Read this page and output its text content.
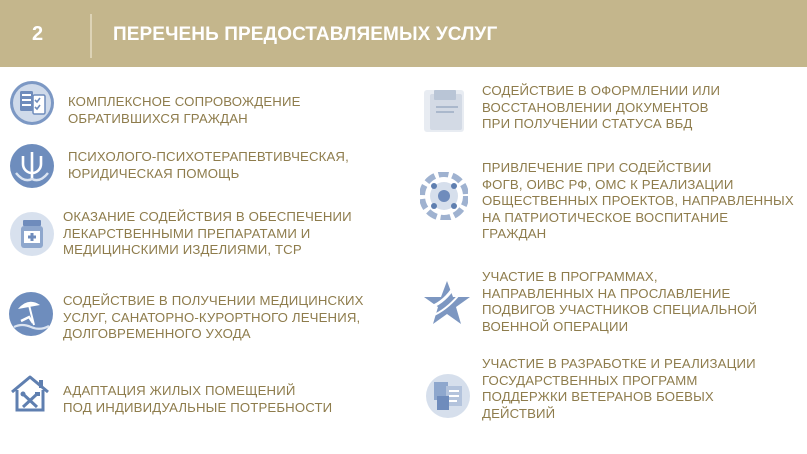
2	ПЕРЕЧЕНЬ ПРЕДОСТАВЛЯЕМЫХ УСЛУГ
КОМПЛЕКСНОЕ СОПРОВОЖДЕНИЕ
ОБРАТИВШИХСЯ ГРАЖДАН
ПСИХОЛОГО-ПСИХОТЕРАПЕВТИВЧЕСКАЯ,
ЮРИДИЧЕСКАЯ ПОМОЩЬ
ОКАЗАНИЕ СОДЕЙСТВИЯ В ОБЕСПЕЧЕНИИ
ЛЕКАРСТВЕННЫМИ ПРЕПАРАТАМИ И
МЕДИЦИНСКИМИ ИЗДЕЛИЯМИ, ТСР
СОДЕЙСТВИЕ В ПОЛУЧЕНИИ МЕДИЦИНСКИХ
УСЛУГ, САНАТОРНО-КУРОРТНОГО ЛЕЧЕНИЯ,
ДОЛГОВРЕМЕННОГО УХОДА
АДАПТАЦИЯ ЖИЛЫХ ПОМЕЩЕНИЙ
ПОД ИНДИВИДУАЛЬНЫЕ ПОТРЕБНОСТИ
СОДЕЙСТВИЕ В ОФОРМЛЕНИИ ИЛИ
ВОССТАНОВЛЕНИИ ДОКУМЕНТОВ
ПРИ ПОЛУЧЕНИИ СТАТУСА ВБД
ПРИВЛЕЧЕНИЕ ПРИ СОДЕЙСТВИИ
ФОГВ, ОИВС РФ, ОМС К РЕАЛИЗАЦИИ
ОБЩЕСТВЕННЫХ ПРОЕКТОВ, НАПРАВЛЕННЫХ
НА ПАТРИОТИЧЕСКОЕ ВОСПИТАНИЕ
ГРАЖДАН
УЧАСТИЕ В ПРОГРАММАХ,
НАПРАВЛЕННЫХ НА ПРОСЛАВЛЕНИЕ
ПОДВИГОВ УЧАСТНИКОВ СПЕЦИАЛЬНОЙ
ВОЕННОЙ ОПЕРАЦИИ
УЧАСТИЕ В РАЗРАБОТКЕ И РЕАЛИЗАЦИИ
ГОСУДАРСТВЕННЫХ ПРОГРАММ
ПОДДЕРЖКИ ВЕТЕРАНОВ БОЕВЫХ
ДЕЙСТВИЙ
